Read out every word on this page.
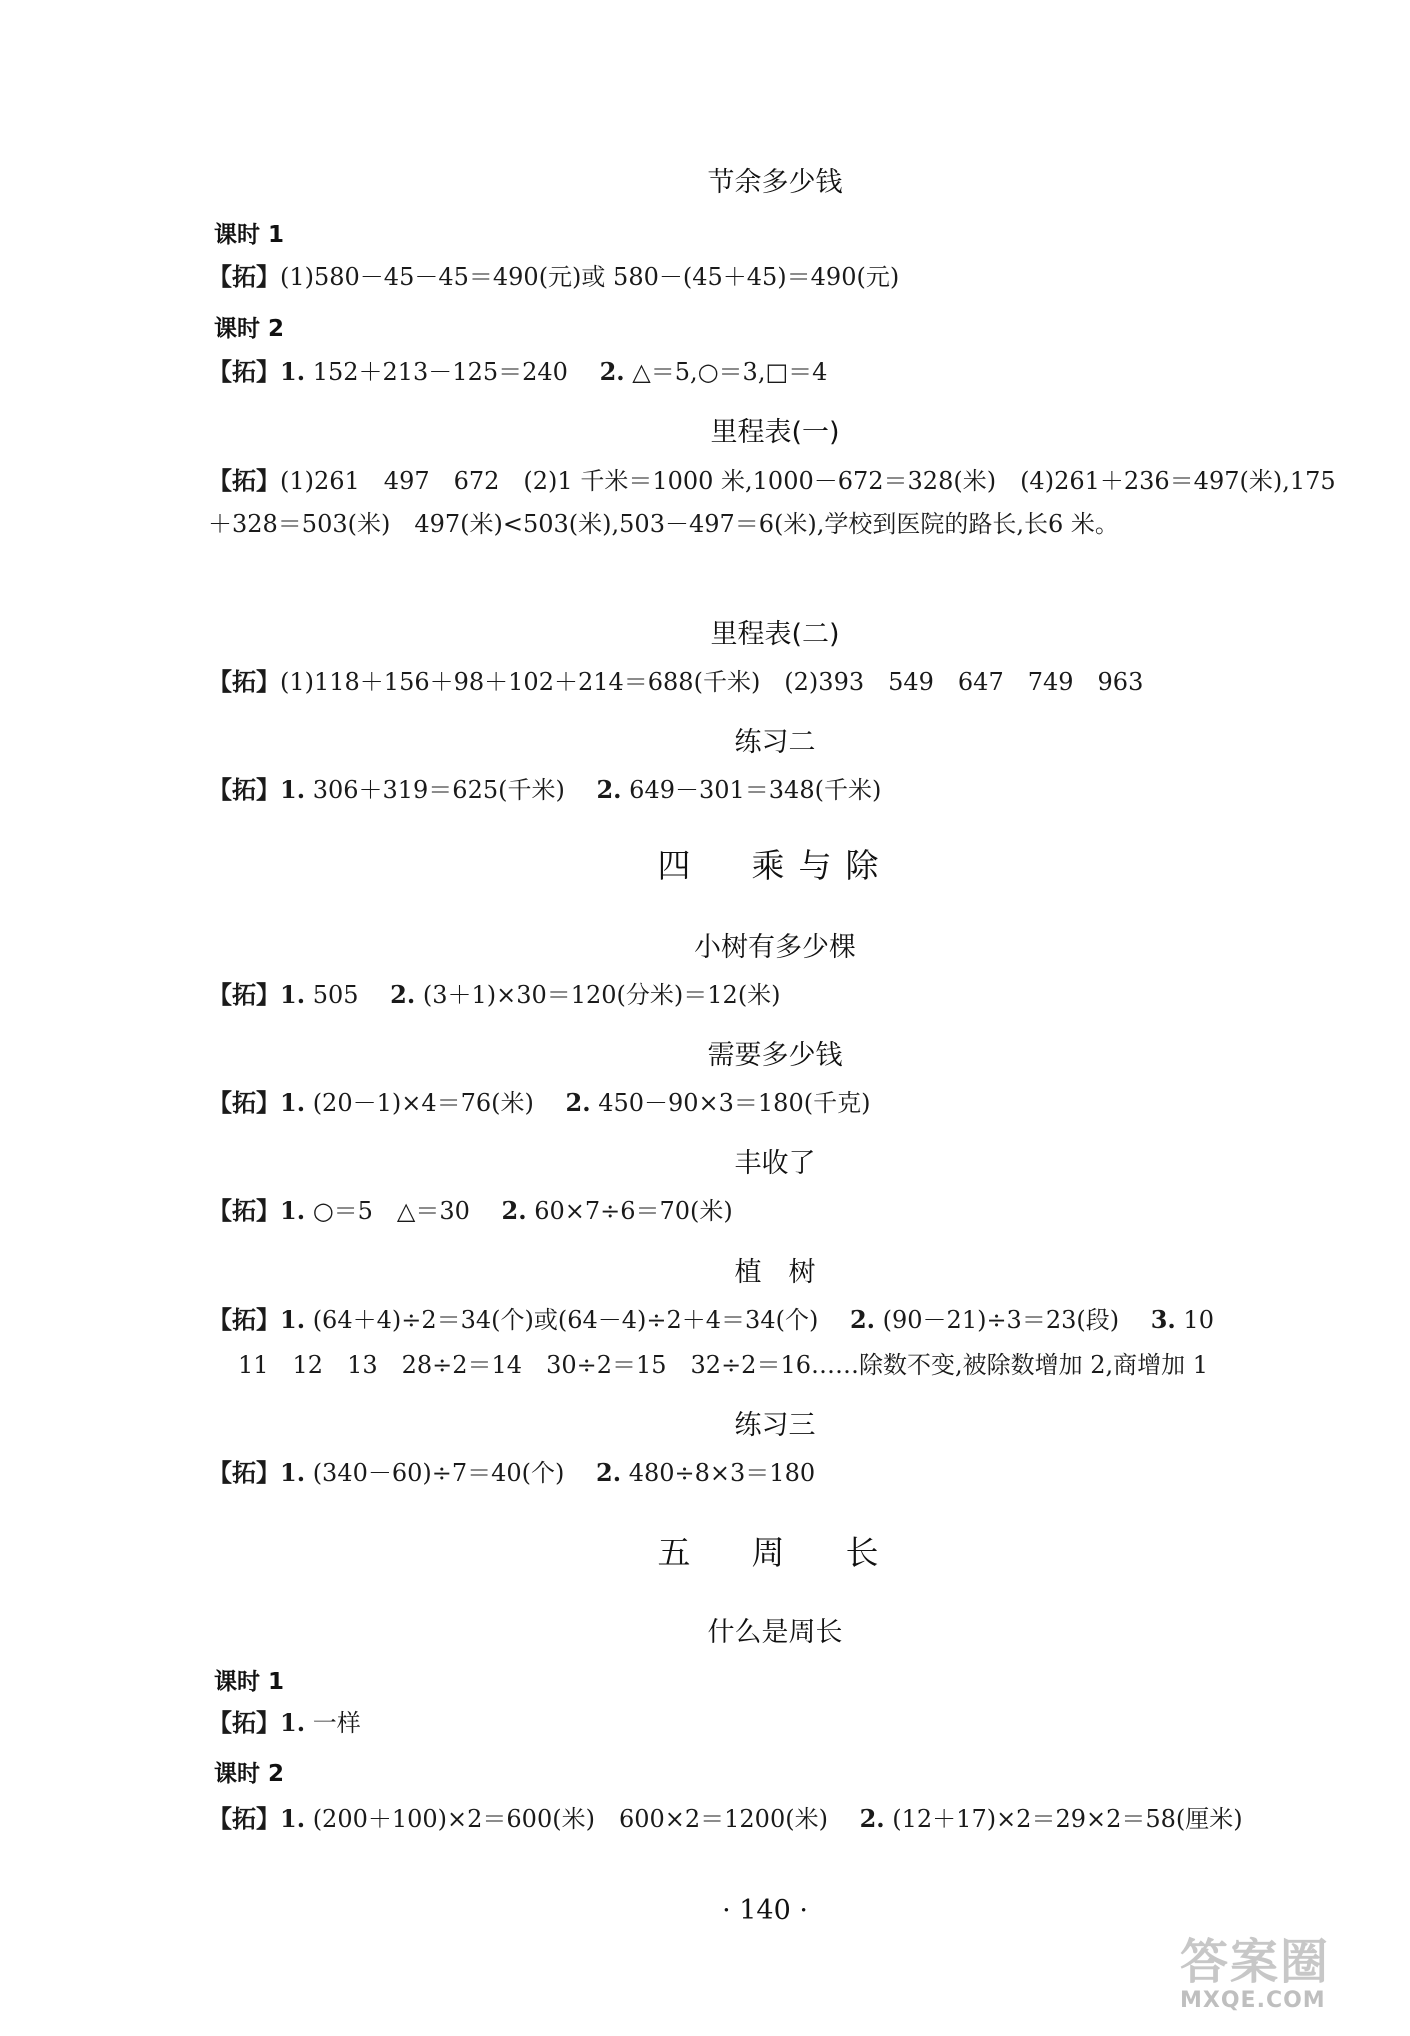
节余多少钱
课时 1
【拓】(1)580－45－45＝490(元)或 580－(45＋45)＝490(元)
课时 2
【拓】1. 152＋213－125＝240　 2. △＝5,○＝3,□＝4
里程表(一)
【拓】(1)261　497　672　(2)1 千米＝1000 米,1000－672＝328(米)　(4)261＋236＝497(米),175＋328＝503(米)　497(米)<503(米),503－497＝6(米),学校到医院的路长,长6 米。
里程表(二)
【拓】(1)118＋156＋98＋102＋214＝688(千米)　(2)393　549　647　749　963
练习二
【拓】1. 306＋319＝625(千米)　 2. 649－301＝348(千米)
四　乘与除
小树有多少棵
【拓】1. 505　 2. (3＋1)×30＝120(分米)＝12(米)
需要多少钱
【拓】1. (20－1)×4＝76(米)　 2. 450－90×3＝180(千克)
丰收了
【拓】1. ○＝5　△＝30　 2. 60×7÷6＝70(米)
植　树
【拓】1. (64＋4)÷2＝34(个)或(64－4)÷2＋4＝34(个)　 2. (90－21)÷3＝23(段)　 3. 10
11　12　13　28÷2＝14　30÷2＝15　32÷2＝16……除数不变,被除数增加 2,商增加 1
练习三
【拓】1. (340－60)÷7＝40(个)　 2. 480÷8×3＝180
五　周　长
什么是周长
课时 1
【拓】1. 一样
课时 2
【拓】1. (200＋100)×2＝600(米)　600×2＝1200(米)　 2. (12＋17)×2＝29×2＝58(厘米)
· 140 ·
答案圈
MXQE.COM
